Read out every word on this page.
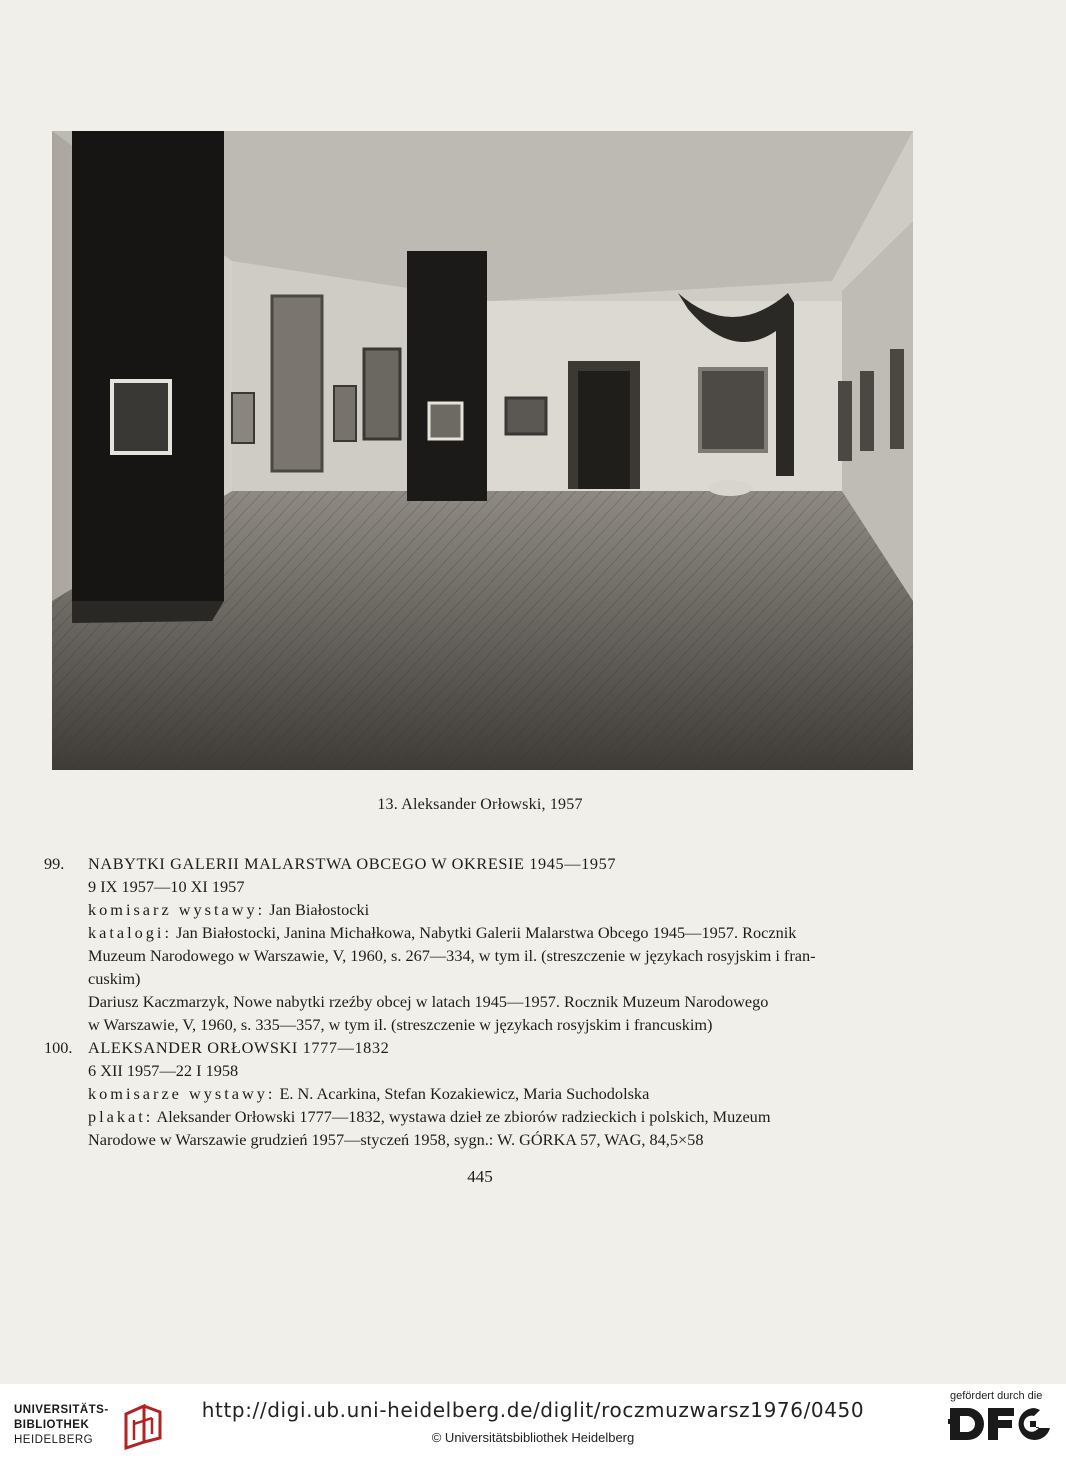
13. Aleksander Orłowski, 1957
99. NABYTKI GALERII MALARSTWA OBCEGO W OKRESIE 1945—1957
9 IX 1957—10 XI 1957
komisarz wystawy: Jan Białostocki
katalogi: Jan Białostocki, Janina Michałkowa, Nabytki Galerii Malarstwa Obcego 1945—1957. Rocznik
Muzeum Narodowego w Warszawie, V, 1960, s. 267—334, w tym il. (streszczenie w językach rosyjskim i fran-
cuskim)
Dariusz Kaczmarzyk, Nowe nabytki rzeźby obcej w latach 1945—1957. Rocznik Muzeum Narodowego
w Warszawie, V, 1960, s. 335—357, w tym il. (streszczenie w językach rosyjskim i francuskim)
100. ALEKSANDER ORŁOWSKI 1777—1832
6 XII 1957—22 I 1958
komisarze wystawy: E. N. Acarkina, Stefan Kozakiewicz, Maria Suchodolska
plakat: Aleksander Orłowski 1777—1832, wystawa dzieł ze zbiorów radzieckich i polskich, Muzeum
Narodowe w Warszawie grudzień 1957—styczeń 1958, sygn.: W. GÓRKA 57, WAG, 84,5×58
445
UNIVERSITÄTS-
BIBLIOTHEK
HEIDELBERG
http://digi.ub.uni-heidelberg.de/diglit/roczmuzwarsz1976/0450
© Universitätsbibliothek Heidelberg
gefördert durch die
